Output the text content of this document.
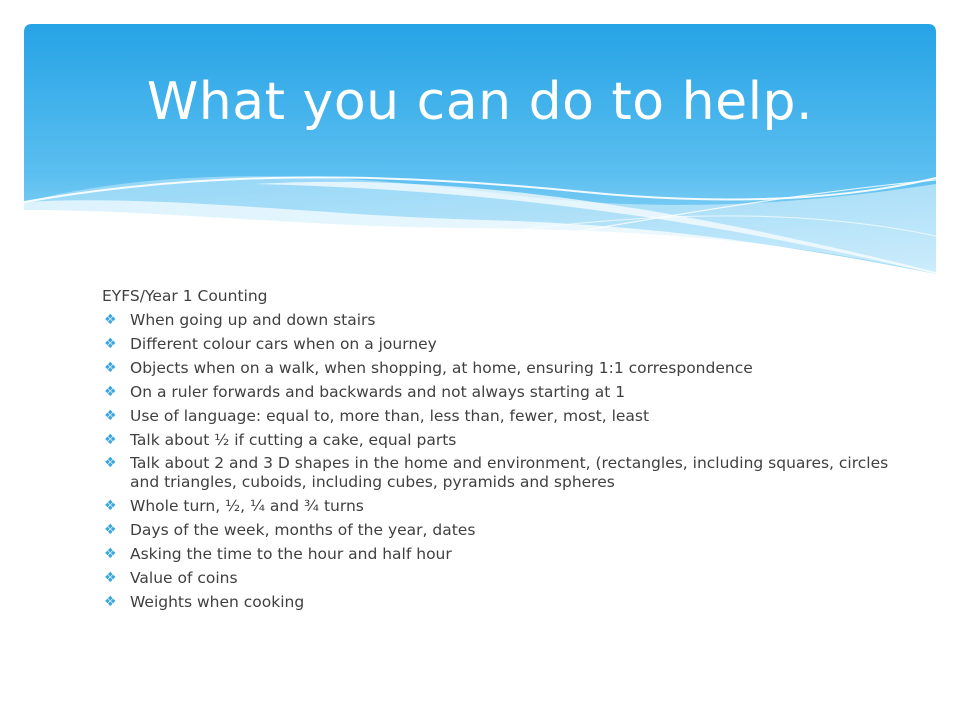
What you can do to help.

EYFS/Year 1 Counting

❖ When going up and down stairs
❖ Different colour cars when on a journey
❖ Objects when on a walk, when shopping, at home, ensuring 1:1 correspondence
❖ On a ruler forwards and backwards and not always starting at 1
❖ Use of language: equal to, more than, less than, fewer, most, least
❖ Talk about ½ if cutting a cake, equal parts
❖ Talk about 2 and 3 D shapes in the home and environment, (rectangles, including squares, circles and triangles, cuboids, including cubes, pyramids and spheres
❖ Whole turn, ½, ¼ and ¾ turns
❖ Days of the week, months of the year, dates
❖ Asking the time to the hour and half hour
❖ Value of coins
❖ Weights when cooking
